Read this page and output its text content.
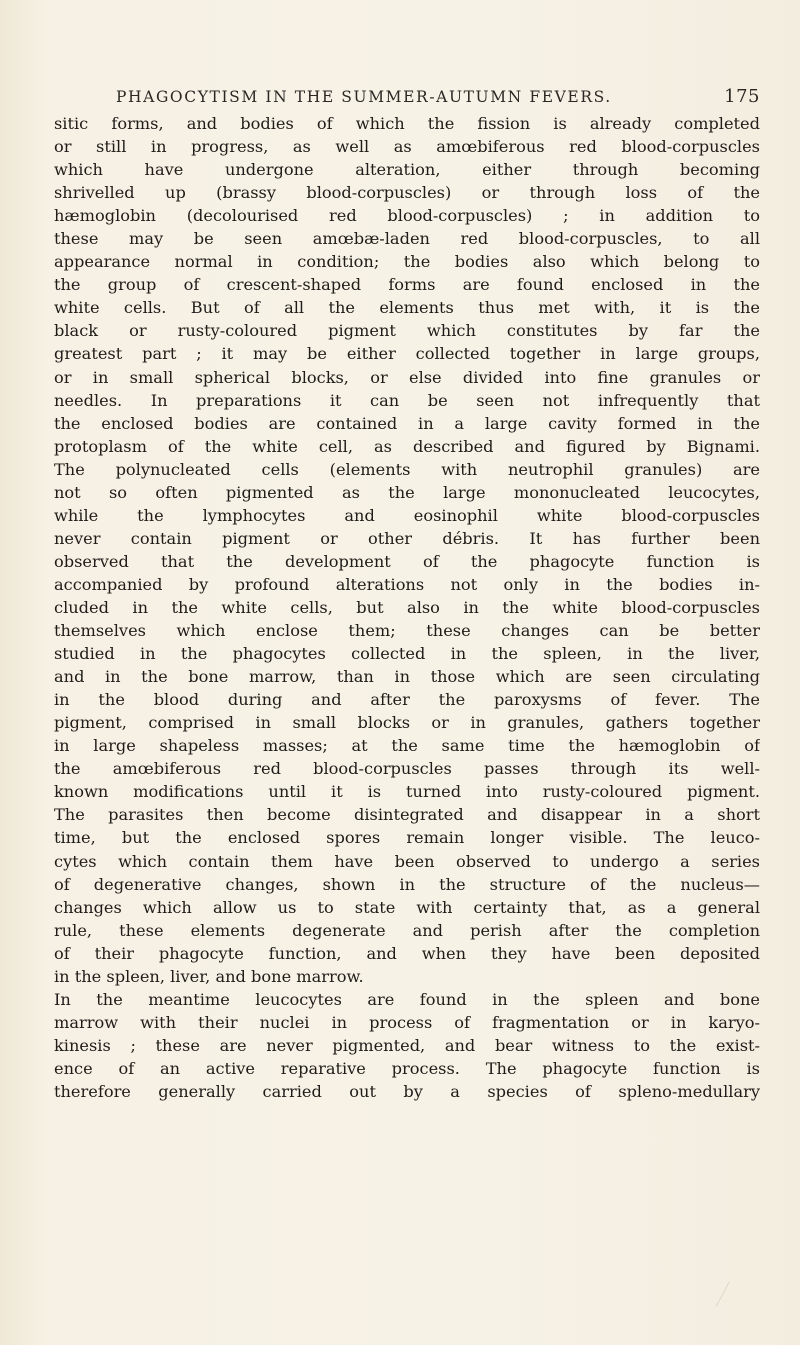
PHAGOCYTISM IN THE SUMMER-AUTUMN FEVERS.	175
sitic forms, and bodies of which the fission is already completed
or still in progress, as well as amœbiferous red blood-corpuscles
which have undergone alteration, either through becoming
shrivelled up (brassy blood-corpuscles) or through loss of the
hæmoglobin (decolourised red blood-corpuscles) ; in addition to
these may be seen amœbæ-laden red blood-corpuscles, to all
appearance normal in condition; the bodies also which belong to
the group of crescent-shaped forms are found enclosed in the
white cells. But of all the elements thus met with, it is the
black or rusty-coloured pigment which constitutes by far the
greatest part ; it may be either collected together in large groups,
or in small spherical blocks, or else divided into fine granules or
needles. In preparations it can be seen not infrequently that
the enclosed bodies are contained in a large cavity formed in the
protoplasm of the white cell, as described and figured by Bignami.
The polynucleated cells (elements with neutrophil granules) are
not so often pigmented as the large mononucleated leucocytes,
while the lymphocytes and eosinophil white blood-corpuscles
never contain pigment or other débris. It has further been
observed that the development of the phagocyte function is
accompanied by profound alterations not only in the bodies in-
cluded in the white cells, but also in the white blood-corpuscles
themselves which enclose them; these changes can be better
studied in the phagocytes collected in the spleen, in the liver,
and in the bone marrow, than in those which are seen circulating
in the blood during and after the paroxysms of fever. The
pigment, comprised in small blocks or in granules, gathers together
in large shapeless masses; at the same time the hæmoglobin of
the amœbiferous red blood-corpuscles passes through its well-
known modifications until it is turned into rusty-coloured pigment.
The parasites then become disintegrated and disappear in a short
time, but the enclosed spores remain longer visible. The leuco-
cytes which contain them have been observed to undergo a series
of degenerative changes, shown in the structure of the nucleus—
changes which allow us to state with certainty that, as a general
rule, these elements degenerate and perish after the completion
of their phagocyte function, and when they have been deposited
in the spleen, liver, and bone marrow.
In the meantime leucocytes are found in the spleen and bone
marrow with their nuclei in process of fragmentation or in karyo-
kinesis ; these are never pigmented, and bear witness to the exist-
ence of an active reparative process. The phagocyte function is
therefore generally carried out by a species of spleno-medullary
